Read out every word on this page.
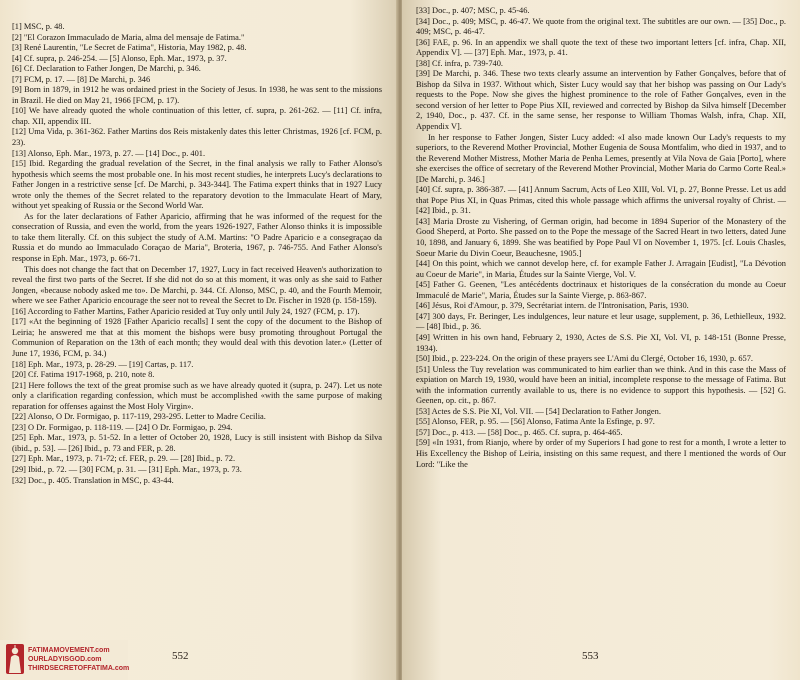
[1] MSC, p. 48.

[2] "El Corazon Immaculado de Maria, alma del mensaje de Fatima."

[3] René Laurentin, "Le Secret de Fatima", Historia, May 1982, p. 48.

[4] Cf. supra, p. 246-254. — [5] Alonso, Eph. Mar., 1973, p. 37.

[6] Cf. Declaration to Father Jongen, De Marchi, p. 346.

[7] FCM, p. 17. — [8] De Marchi, p. 346

[9] Born in 1879, in 1912 he was ordained priest in the Society of Jesus. In 1938, he was sent to the missions in Brazil. He died on May 21, 1966 [FCM, p. 17).

[10] We have already quoted the whole continuation of this letter, cf. supra, p. 261-262. — [11] Cf. infra, chap. XII, appendix III.

[12] Uma Vida, p. 361-362. Father Martins dos Reis mistakenly dates this letter Christmas, 1926 [cf. FCM, p. 23).

[13] Alonso, Eph. Mar., 1973, p. 27. — [14] Doc., p. 401.

[15] Ibid. Regarding the gradual revelation of the Secret, in the final analysis we rally to Father Alonso's hypothesis which seems the most probable one. In his most recent studies, he interprets Lucy's declarations to Father Jongen in a restrictive sense [cf. De Marchi, p. 343-344]. The Fatima expert thinks that in 1927 Lucy wrote only the themes of the Secret related to the reparatory devotion to the Immaculate Heart of Mary, without yet speaking of Russia or the Second World War.

As for the later declarations of Father Aparicio, affirming that he was informed of the request for the consecration of Russia, and even the world, from the years 1926-1927, Father Alonso thinks it is impossible to take them literally. Cf. on this subject the study of A.M. Martins: "O Padre Aparicio e a consegraçao da Russia et do mundo ao Immaculado Coraçao de Maria", Broteria, 1967, p. 746-755. And Father Alonso's response in Eph. Mar., 1973, p. 66-71.

This does not change the fact that on December 17, 1927, Lucy in fact received Heaven's authorization to reveal the first two parts of the Secret. If she did not do so at this moment, it was only as she said to Father Jongen, «because nobody asked me to». De Marchi, p. 344. Cf. Alonso, MSC, p. 40, and the Fourth Memoir, where we see Father Aparicio encourage the seer not to reveal the Secret to Dr. Fischer in 1928 (p. 158-159).

[16] According to Father Martins, Father Aparicio resided at Tuy only until July 24, 1927 (FCM, p. 17).

[17] «At the beginning of 1928 [Father Aparicio recalls] I sent the copy of the document to the Bishop of Leiria; he answered me that at this moment the bishops were busy promoting throughout Portugal the Communion of Reparation on the 13th of each month; they would deal with this devotion later.» (Letter of June 17, 1936, FCM, p. 34.)

[18] Eph. Mar., 1973, p. 28-29. — [19] Cartas, p. 117.

[20] Cf. Fatima 1917-1968, p. 210, note 8.

[21] Here follows the text of the great promise such as we have already quoted it (supra, p. 247). Let us note only a clarification regarding confession, which must be accomplished «with the same purpose of making reparation for offenses against the Most Holy Virgin».

[22] Alonso, O Dr. Formigao, p. 117-119, 293-295. Letter to Madre Cecilia.

[23] O Dr. Formigao, p. 118-119. — [24] O Dr. Formigao, p. 294.

[25] Eph. Mar., 1973, p. 51-52. In a letter of October 20, 1928, Lucy is still insistent with Bishop da Silva (ibid., p. 53]. — [26] Ibid., p. 73 and FER, p. 28.

[27] Eph. Mar., 1973, p. 71-72; cf. FER, p. 29. — [28] Ibid., p. 72.

[29] Ibid., p. 72. — [30] FCM, p. 31. — [31] Eph. Mar., 1973, p. 73.

[32] Doc., p. 405. Translation in MSC, p. 43-44.

552

[33] Doc., p. 407; MSC, p. 45-46.

[34] Doc., p. 409; MSC, p. 46-47. We quote from the original text. The subtitles are our own. — [35] Doc., p. 409; MSC, p. 46-47.

[36] FAE, p. 96. In an appendix we shall quote the text of these two important letters [cf. infra, Chap. XII, Appendix V]. — [37] Eph. Mar., 1973, p. 41.

[38] Cf. infra, p. 739-740.

[39] De Marchi, p. 346. These two texts clearly assume an intervention by Father Gonçalves, before that of Bishop da Silva in 1937. Without which, Sister Lucy would say that her bishop was passing on Our Lady's requests to the Pope. Now she gives the highest prominence to the role of Father Gonçalves, even in the second version of her letter to Pope Pius XII, reviewed and corrected by Bishop da Silva himself [December 2, 1940, Doc., p. 437. Cf. in the same sense, her response to William Thomas Walsh, infra, Chap. XII, Appendix V].

In her response to Father Jongen, Sister Lucy added: «I also made known Our Lady's requests to my superiors, to the Reverend Mother Provincial, Mother Eugenia de Sousa Montfalim, who died in 1937, and to the Reverend Mother Mistress, Mother Maria de Penha Lemes, presently at Vila Nova de Gaia [Porto], where she exercises the office of secretary of the Reverend Mother Provincial, Mother Maria do Carmo Corte Real.» [De Marchi, p. 346.]

[40] Cf. supra, p. 386-387. — [41] Annum Sacrum, Acts of Leo XIII, Vol. VI, p. 27, Bonne Presse. Let us add that Pope Pius XI, in Quas Primas, cited this whole passage which affirms the universal royalty of Christ. — [42] Ibid., p. 31.

[43] Maria Droste zu Vishering, of German origin, had become in 1894 Superior of the Monastery of the Good Sheperd, at Porto. She passed on to the Pope the message of the Sacred Heart in two letters, dated June 10, 1898, and January 6, 1899. She was beatified by Pope Paul VI on November 1, 1975. [cf. Louis Chasles, Soeur Marie du Divin Coeur, Beauchesne, 1905.]

[44] On this point, which we cannot develop here, cf. for example Father J. Arragain [Eudist], "La Dévotion au Coeur de Marie", in Maria, Études sur la Sainte Vierge, Vol. V.

[45] Father G. Geenen, "Les antécédents doctrinaux et historiques de la consécration du monde au Coeur Immaculé de Marie", Maria, Études sur la Sainte Vierge, p. 863-867.

[46] Jésus, Roi d'Amour, p. 379, Secrétariat intern. de l'Intronisation, Paris, 1930.

[47] 300 days, Fr. Beringer, Les indulgences, leur nature et leur usage, supplement, p. 36, Lethielleux, 1932. — [48] Ibid., p. 36.

[49] Written in his own hand, February 2, 1930, Actes de S.S. Pie XI, Vol. VI, p. 148-151 (Bonne Presse, 1934).

[50] Ibid., p. 223-224. On the origin of these prayers see L'Ami du Clergé, October 16, 1930, p. 657.

[51] Unless the Tuy revelation was communicated to him earlier than we think. And in this case the Mass of expiation on March 19, 1930, would have been an initial, incomplete response to the message of Fatima. But with the information currently available to us, there is no evidence to support this hypothesis. — [52] G. Geenen, op. cit., p. 867.

[53] Actes de S.S. Pie XI, Vol. VII. — [54] Declaration to Father Jongen.

[55] Alonso, FER, p. 95. — [56] Alonso, Fatima Ante la Esfinge, p. 97.

[57] Doc., p. 413. — [58] Doc., p. 465. Cf. supra, p. 464-465.

[59] «In 1931, from Rianjo, where by order of my Superiors I had gone to rest for a month, I wrote a letter to His Excellency the Bishop of Leiria, insisting on this same request, and there I mentioned the words of Our Lord: "Like the

553
FATIMAMOVEMENT.com
OURLADYISGOD.com
THIRDSECRETOFFATIMA.com
